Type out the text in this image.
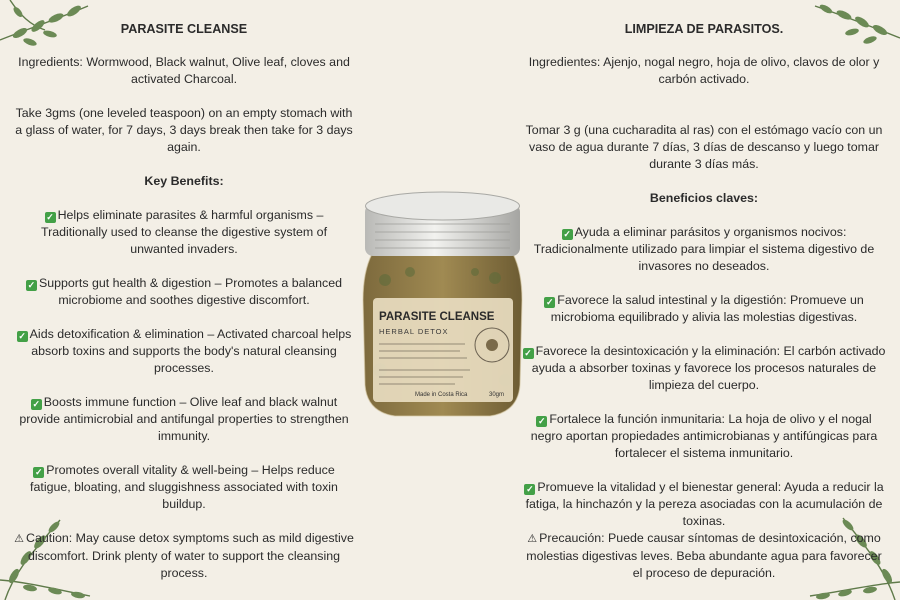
PARASITE CLEANSE

Ingredients: Wormwood, Black walnut, Olive leaf, cloves and activated Charcoal.

Take 3gms (one leveled teaspoon) on an empty stomach with a glass of water, for 7 days, 3 days break then take for 3 days again.

Key Benefits:

✓ Helps eliminate parasites & harmful organisms – Traditionally used to cleanse the digestive system of unwanted invaders.

✓ Supports gut health & digestion – Promotes a balanced microbiome and soothes digestive discomfort.

✓ Aids detoxification & elimination – Activated charcoal helps absorb toxins and supports the body's natural cleansing processes.

✓ Boosts immune function – Olive leaf and black walnut provide antimicrobial and antifungal properties to strengthen immunity.

✓ Promotes overall vitality & well-being – Helps reduce fatigue, bloating, and sluggishness associated with toxin buildup.

⚠ Caution: May cause detox symptoms such as mild digestive discomfort. Drink plenty of water to support the cleansing process.

PARASITE CLEANSE
HERBAL DETOX
Made in Costa Rica	30gm

LIMPIEZA DE PARASITOS.

Ingredientes: Ajenjo, nogal negro, hoja de olivo, clavos de olor y carbón activado.

Tomar 3 g (una cucharadita al ras) con el estómago vacío con un vaso de agua durante 7 días, 3 días de descanso y luego tomar durante 3 días más.

Beneficios claves:

✓ Ayuda a eliminar parásitos y organismos nocivos: Tradicionalmente utilizado para limpiar el sistema digestivo de invasores no deseados.

✓ Favorece la salud intestinal y la digestión: Promueve un microbioma equilibrado y alivia las molestias digestivas.

✓ Favorece la desintoxicación y la eliminación: El carbón activado ayuda a absorber toxinas y favorece los procesos naturales de limpieza del cuerpo.

✓ Fortalece la función inmunitaria: La hoja de olivo y el nogal negro aportan propiedades antimicrobianas y antifúngicas para fortalecer el sistema inmunitario.

✓ Promueve la vitalidad y el bienestar general: Ayuda a reducir la fatiga, la hinchazón y la pereza asociadas con la acumulación de toxinas.

⚠ Precaución: Puede causar síntomas de desintoxicación, como molestias digestivas leves. Beba abundante agua para favorecer el proceso de depuración.
